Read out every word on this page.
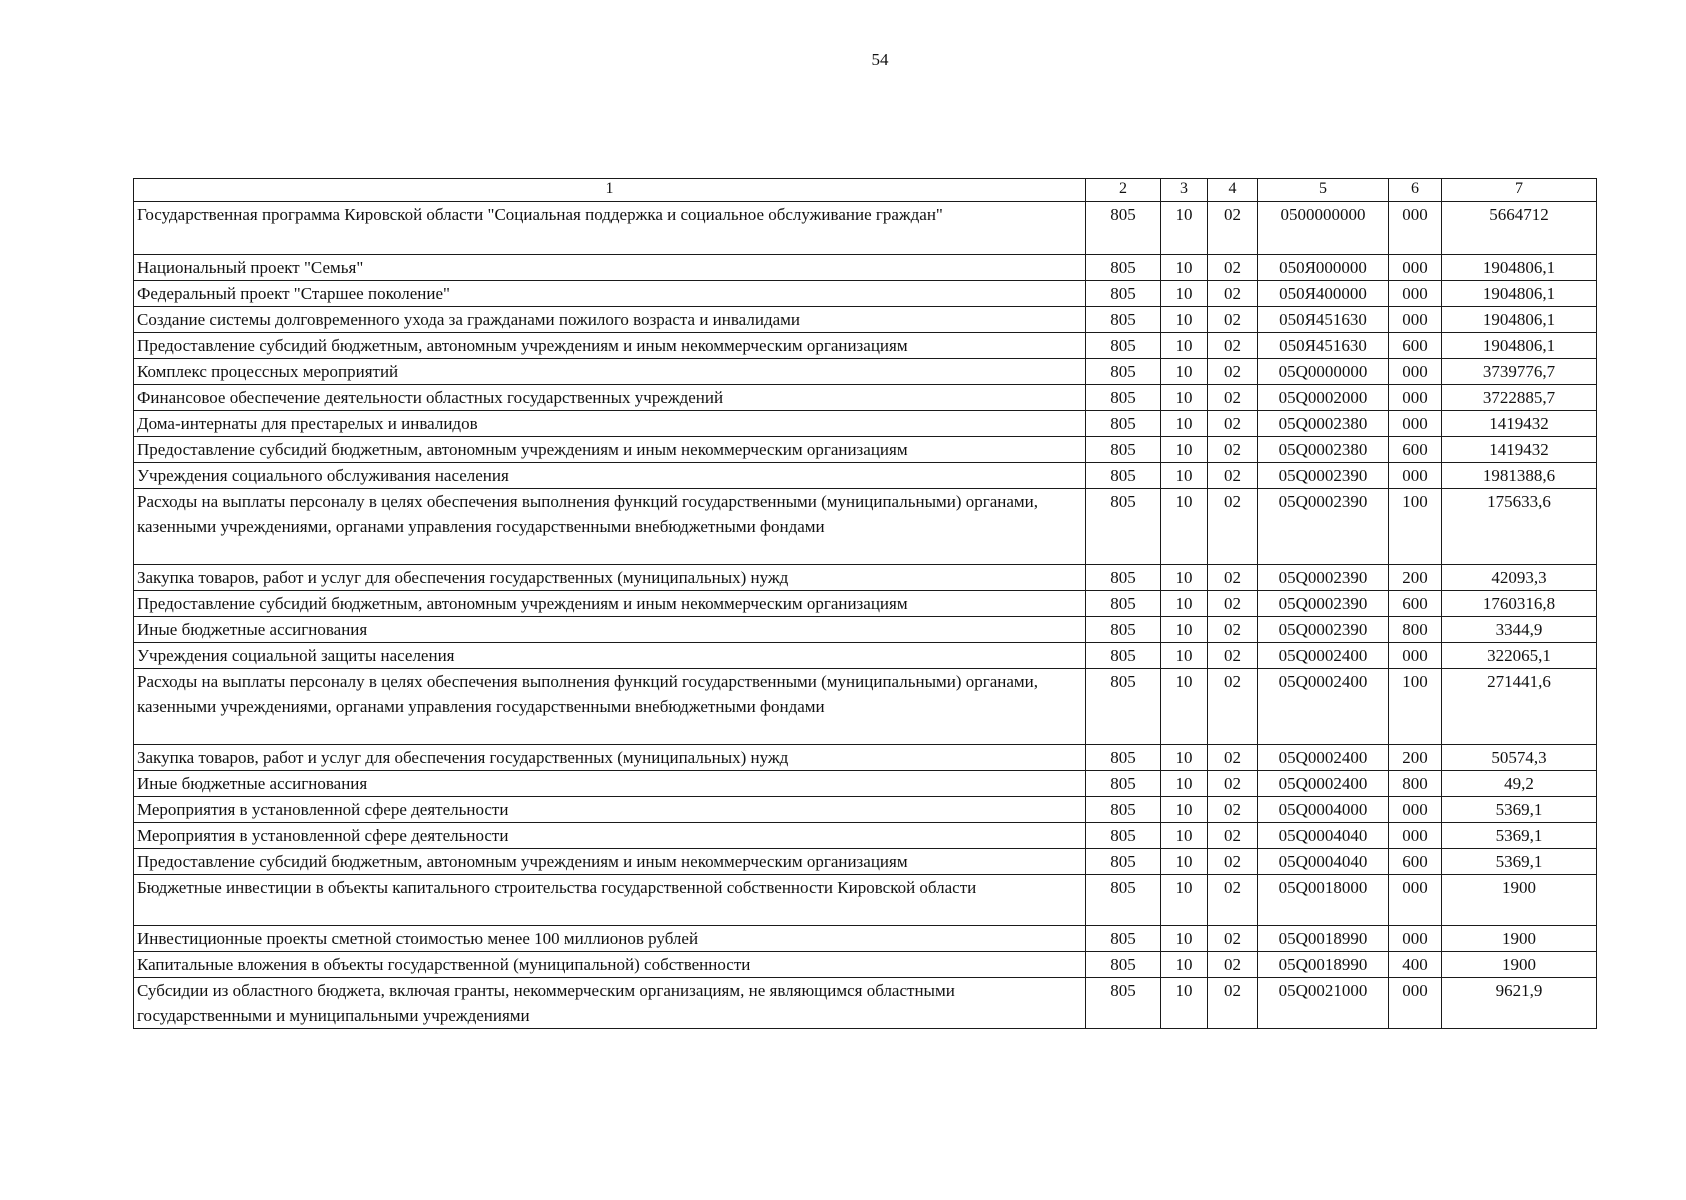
54
1	2	3	4	5	6	7
Государственная программа Кировской области "Социальная поддержка и социальное обслуживание граждан"	805	10	02	0500000000	000	5664712
Национальный проект "Семья"	805	10	02	050Я000000	000	1904806,1
Федеральный проект "Старшее поколение"	805	10	02	050Я400000	000	1904806,1
Создание системы долговременного ухода за гражданами пожилого возраста и инвалидами	805	10	02	050Я451630	000	1904806,1
Предоставление субсидий бюджетным, автономным учреждениям и иным некоммерческим организациям	805	10	02	050Я451630	600	1904806,1
Комплекс процессных мероприятий	805	10	02	05Q0000000	000	3739776,7
Финансовое обеспечение деятельности областных государственных учреждений	805	10	02	05Q0002000	000	3722885,7
Дома-интернаты для престарелых и инвалидов	805	10	02	05Q0002380	000	1419432
Предоставление субсидий бюджетным, автономным учреждениям и иным некоммерческим организациям	805	10	02	05Q0002380	600	1419432
Учреждения социального обслуживания населения	805	10	02	05Q0002390	000	1981388,6
Расходы на выплаты персоналу в целях обеспечения выполнения функций государственными (муниципальными) органами, казенными учреждениями, органами управления государственными внебюджетными фондами	805	10	02	05Q0002390	100	175633,6
Закупка товаров, работ и услуг для обеспечения государственных (муниципальных) нужд	805	10	02	05Q0002390	200	42093,3
Предоставление субсидий бюджетным, автономным учреждениям и иным некоммерческим организациям	805	10	02	05Q0002390	600	1760316,8
Иные бюджетные ассигнования	805	10	02	05Q0002390	800	3344,9
Учреждения социальной защиты населения	805	10	02	05Q0002400	000	322065,1
Расходы на выплаты персоналу в целях обеспечения выполнения функций государственными (муниципальными) органами, казенными учреждениями, органами управления государственными внебюджетными фондами	805	10	02	05Q0002400	100	271441,6
Закупка товаров, работ и услуг для обеспечения государственных (муниципальных) нужд	805	10	02	05Q0002400	200	50574,3
Иные бюджетные ассигнования	805	10	02	05Q0002400	800	49,2
Мероприятия в установленной сфере деятельности	805	10	02	05Q0004000	000	5369,1
Мероприятия в установленной сфере деятельности	805	10	02	05Q0004040	000	5369,1
Предоставление субсидий бюджетным, автономным учреждениям и иным некоммерческим организациям	805	10	02	05Q0004040	600	5369,1
Бюджетные инвестиции в объекты капитального строительства государственной собственности Кировской области	805	10	02	05Q0018000	000	1900
Инвестиционные проекты сметной стоимостью менее 100 миллионов рублей	805	10	02	05Q0018990	000	1900
Капитальные вложения в объекты государственной (муниципальной) собственности	805	10	02	05Q0018990	400	1900
Субсидии из областного бюджета, включая гранты, некоммерческим организациям, не являющимся областными государственными и муниципальными учреждениями	805	10	02	05Q0021000	000	9621,9
